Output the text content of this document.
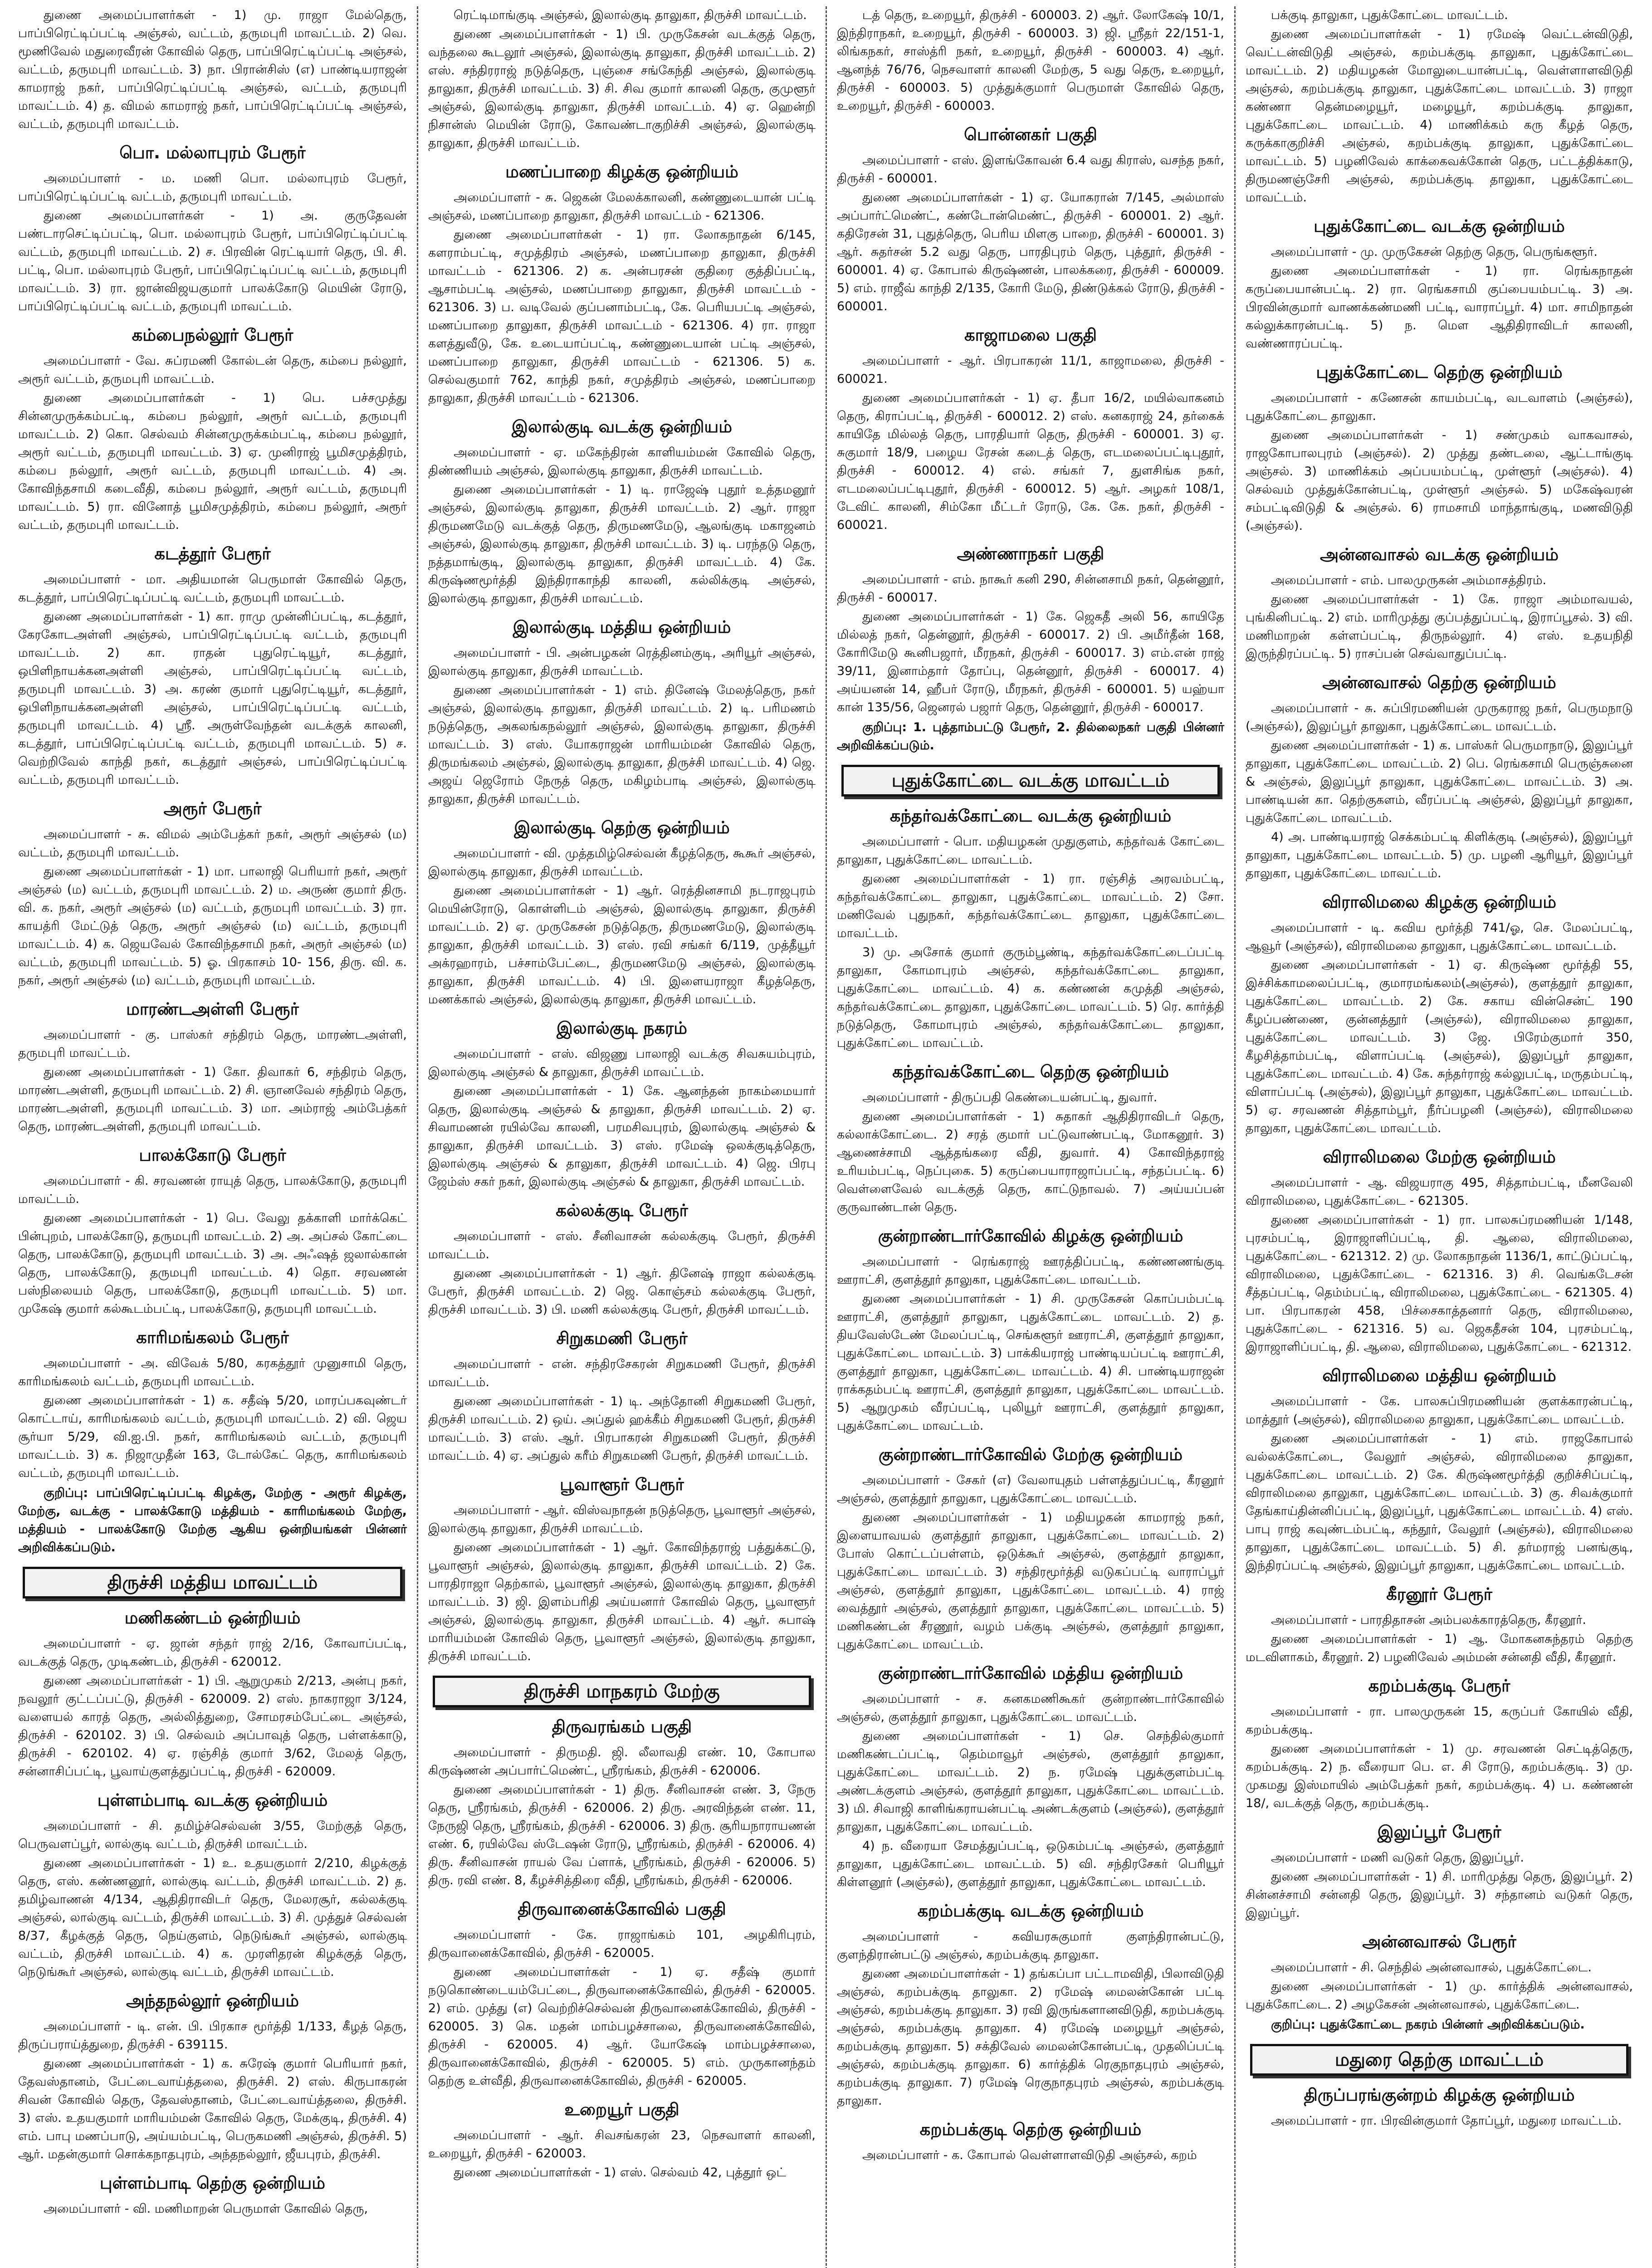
துணை அமைப்பாளர்கள் - 1) மு. ராஜா மேல்தெரு, பாப்பிரெட்டிப்பட்டி அஞ்சல், வட்டம், தருமபுரி மாவட்டம். 2) வெ. மூணிவேல் மதுரைவீரன் கோவில் தெரு, பாப்பிரெட்டிப்பட்டி அஞ்சல், வட்டம், தருமபுரி மாவட்டம். 3) நா. பிரான்சிஸ் (எ) பாண்டியராஜன் காமராஜ் நகர், பாப்பிரெட்டிப்பட்டி அஞ்சல், வட்டம், தருமபுரி மாவட்டம். 4) த. விமல் காமராஜ் நகர், பாப்பிரெட்டிப்பட்டி அஞ்சல், வட்டம், தருமபுரி மாவட்டம்.

பொ. மல்லாபுரம் பேரூர்

அமைப்பாளர் - ம. மணி பொ. மல்லாபுரம் பேரூர், பாப்பிரெட்டிப்பட்டி வட்டம், தருமபுரி மாவட்டம்.

துணை அமைப்பாளர்கள் - 1) அ. குருதேவன் பண்டாரசெட்டிப்பட்டி, பொ. மல்லாபுரம் பேரூர், பாப்பிரெட்டிப்பட்டி வட்டம், தருமபுரி மாவட்டம். 2) ச. பிரவின் ரெட்டியார் தெரு, பி. சி. பட்டி, பொ. மல்லாபுரம் பேரூர், பாப்பிரெட்டிப்பட்டி வட்டம், தருமபுரி மாவட்டம். 3) ரா. ஜான்விஜயகுமார் பாலக்கோடு மெயின் ரோடு, பாப்பிரெட்டிப்பட்டி வட்டம், தருமபுரி மாவட்டம்.

கம்பைநல்லூர் பேரூர்

அமைப்பாளர் - வே. சுப்ரமணி கோல்டன் தெரு, கம்பை நல்லூர், அரூர் வட்டம், தருமபுரி மாவட்டம்.

துணை அமைப்பாளர்கள் - 1) பெ. பச்சமுத்து சின்னமுருக்கம்பட்டி, கம்பை நல்லூர், அரூர் வட்டம், தருமபுரி மாவட்டம். 2) கொ. செல்வம் சின்னமுருக்கம்பட்டி, கம்பை நல்லூர், அரூர் வட்டம், தருமபுரி மாவட்டம். 3) ஏ. முனிராஜ் பூமிசமுத்திரம், கம்பை நல்லூர், அரூர் வட்டம், தருமபுரி மாவட்டம். 4) அ. கோவிந்தசாமி கடைவீதி, கம்பை நல்லூர், அரூர் வட்டம், தருமபுரி மாவட்டம். 5) ரா. வினோத் பூமிசமுத்திரம், கம்பை நல்லூர், அரூர் வட்டம், தருமபுரி மாவட்டம்.

கடத்தூர் பேரூர்

அமைப்பாளர் - மா. அதியமான் பெருமாள் கோவில் தெரு, கடத்தூர், பாப்பிரெட்டிப்பட்டி வட்டம், தருமபுரி மாவட்டம்.

துணை அமைப்பாளர்கள் - 1) கா. ராமு முன்னிப்பட்டி, கடத்தூர், கேரகோடஅள்ளி அஞ்சல், பாப்பிரெட்டிப்பட்டி வட்டம், தருமபுரி மாவட்டம். 2) கா. ராதன் புதுரெட்டியூர், கடத்தூர், ஒபிளிநாயக்கனஅள்ளி அஞ்சல், பாப்பிரெட்டிப்பட்டி வட்டம், தருமபுரி மாவட்டம். 3) அ. கரண் குமார் புதுரெட்டியூர், கடத்தூர், ஒபிளிநாயக்கனஅள்ளி அஞ்சல், பாப்பிரெட்டிப்பட்டி வட்டம், தருமபுரி மாவட்டம். 4) ஸ்ரீ. அருள்வேந்தன் வடக்குக் காலனி, கடத்தூர், பாப்பிரெட்டிப்பட்டி வட்டம், தருமபுரி மாவட்டம். 5) ச. வெற்றிவேல் காந்தி நகர், கடத்தூர் அஞ்சல், பாப்பிரெட்டிப்பட்டி வட்டம், தருமபுரி மாவட்டம்.

அரூர் பேரூர்

அமைப்பாளர் - சு. விமல் அம்பேத்கர் நகர், அரூர் அஞ்சல் (ம) வட்டம், தருமபுரி மாவட்டம்.

துணை அமைப்பாளர்கள் - 1) மா. பாலாஜி பெரியார் நகர், அரூர் அஞ்சல் (ம) வட்டம், தருமபுரி மாவட்டம். 2) ம. அருண் குமார் திரு. வி. க. நகர், அரூர் அஞ்சல் (ம) வட்டம், தருமபுரி மாவட்டம். 3) ரா. காயத்ரி மேட்டுத் தெரு, அரூர் அஞ்சல் (ம) வட்டம், தருமபுரி மாவட்டம். 4) க. ஜெயவேல் கோவிந்தசாமி நகர், அரூர் அஞ்சல் (ம) வட்டம், தருமபுரி மாவட்டம். 5) ஓ. பிரகாசம் 10- 156, திரு. வி. க. நகர், அரூர் அஞ்சல் (ம) வட்டம், தருமபுரி மாவட்டம்.

மாரண்டஅள்ளி பேரூர்

அமைப்பாளர் - கு. பாஸ்கர் சந்திரம் தெரு, மாரண்டஅள்ளி, தருமபுரி மாவட்டம்.

துணை அமைப்பாளர்கள் - 1) கோ. திவாகர் 6, சந்திரம் தெரு, மாரண்டஅள்ளி, தருமபுரி மாவட்டம். 2) சி. ஞானவேல் சந்திரம் தெரு, மாரண்டஅள்ளி, தருமபுரி மாவட்டம். 3) மா. அம்ராஜ் அம்பேத்கர் தெரு, மாரண்டஅள்ளி, தருமபுரி மாவட்டம்.

பாலக்கோடு பேரூர்

அமைப்பாளர் - கி. சரவணன் ராயுத் தெரு, பாலக்கோடு, தருமபுரி மாவட்டம்.

துணை அமைப்பாளர்கள் - 1) பெ. வேலு தக்காளி மார்க்கெட் பின்புறம், பாலக்கோடு, தருமபுரி மாவட்டம். 2) அ. அப்சல் கோட்டை தெரு, பாலக்கோடு, தருமபுரி மாவட்டம். 3) அ. அஃஷத் ஜலால்கான் தெரு, பாலக்கோடு, தருமபுரி மாவட்டம். 4) தொ. சரவணன் பஸ்நிலையம் தெரு, பாலக்கோடு, தருமபுரி மாவட்டம். 5) மா. முகேஷ் குமார் கல்கூடம்பட்டி, பாலக்கோடு, தருமபுரி மாவட்டம்.

காரிமங்கலம் பேரூர்

அமைப்பாளர் - அ. விவேக் 5/80, கரகத்தூர் முனுசாமி தெரு, காரிமங்கலம் வட்டம், தருமபுரி மாவட்டம்.

துணை அமைப்பாளர்கள் - 1) க. சதீஷ் 5/20, மாரப்பகவுண்டர் கொட்டாய், காரிமங்கலம் வட்டம், தருமபுரி மாவட்டம். 2) வி. ஜெய சூர்யா 5/29, வி.ஐ.பி. நகர், காரிமங்கலம் வட்டம், தருமபுரி மாவட்டம். 3) க. நிஜாமுதீன் 163, டோல்கேட் தெரு, காரிமங்கலம் வட்டம், தருமபுரி மாவட்டம்.

குறிப்பு: பாப்பிரெட்டிப்பட்டி கிழக்கு, மேற்கு - அரூர் கிழக்கு, மேற்கு, வடக்கு - பாலக்கோடு மத்தியம் - காரிமங்கலம் மேற்கு, மத்தியம் - பாலக்கோடு மேற்கு ஆகிய ஒன்றியங்கள் பின்னர் அறிவிக்கப்படும்.

திருச்சி மத்திய மாவட்டம்
மணிகண்டம் ஒன்றியம்

அமைப்பாளர் - ஏ. ஜான் சந்தர் ராஜ் 2/16, கோவாப்பட்டி, வடக்குத் தெரு, முடிகண்டம், திருச்சி - 620012.

துணை அமைப்பாளர்கள் - 1) பி. ஆறுமுகம் 2/213, அன்பு நகர், நவலூர் குட்டப்பட்டு, திருச்சி - 620009. 2) எஸ். நாகராஜா 3/124, வளையல் காரத் தெரு, அல்லித்துறை, சோமரசம்பேட்டை அஞ்சல், திருச்சி - 620102. 3) பி. செல்வம் அப்பாவுத் தெரு, பள்ளக்காடு, திருச்சி - 620102. 4) ஏ. ரஞ்சித் குமார் 3/62, மேலத் தெரு, சன்னாசிப்பட்டி, பூவாய்குளத்துப்பட்டி, திருச்சி - 620009.

புள்ளம்பாடி வடக்கு ஒன்றியம்

அமைப்பாளர் - சி. தமிழ்ச்செல்வன் 3/55, மேற்குத் தெரு, பெருவளப்பூர், லால்குடி வட்டம், திருச்சி மாவட்டம்.

துணை அமைப்பாளர்கள் - 1) உ. உதயகுமார் 2/210, கிழக்குத் தெரு, எஸ். கண்ணனூர், லால்குடி வட்டம், திருச்சி மாவட்டம். 2) த. தமிழ்வாணன் 4/134, ஆதிதிராவிடர் தெரு, மேலரசூர், கல்லக்குடி அஞ்சல், லால்குடி வட்டம், திருச்சி மாவட்டம். 3) சி. முத்துச் செல்வன் 8/37, கீழக்குத் தெரு, நெய்குளம், நெடுங்கூர் அஞ்சல், லால்குடி வட்டம், திருச்சி மாவட்டம். 4) க. முரளிதரன் கிழக்குத் தெரு, நெடுங்கூர் அஞ்சல், லால்குடி வட்டம், திருச்சி மாவட்டம்.

அந்தநல்லூர் ஒன்றியம்

அமைப்பாளர் - டி. என். பி. பிரகாச மூர்த்தி 1/133, கீழத் தெரு, திருப்பராய்த்துறை, திருச்சி - 639115.

துணை அமைப்பாளர்கள் - 1) க. சுரேஷ் குமார் பெரியார் நகர், தேவஸ்தானம், பேட்டைவாய்த்தலை, திருச்சி. 2) எஸ். கிருபாகரன் சிவன் கோவில் தெரு, தேவஸ்தானம், பேட்டைவாய்த்தலை, திருச்சி. 3) எஸ். உதயகுமார் மாரியம்மன் கோவில் தெரு, மேக்குடி, திருச்சி. 4) எம். பாபு மணப்பாடு, அய்யம்பட்டி, பெருகமணி அஞ்சல், திருச்சி. 5) ஆர். மதன்குமார் சொக்கநாதபுரம், அந்தநல்லூர், ஜீயபுரம், திருச்சி.

புள்ளம்பாடி தெற்கு ஒன்றியம்

அமைப்பாளர் - வி. மணிமாறன் பெருமாள் கோவில் தெரு,

ரெட்டிமாங்குடி அஞ்சல், இலால்குடி தாலுகா, திருச்சி மாவட்டம்.

துணை அமைப்பாளர்கள் - 1) பி. முருகேசன் வடக்குத் தெரு, வந்தலை கூடலூர் அஞ்சல், இலால்குடி தாலுகா, திருச்சி மாவட்டம். 2) எஸ். சந்திரராஜ் நடுத்தெரு, புஞ்சை சங்கேந்தி அஞ்சல், இலால்குடி தாலுகா, திருச்சி மாவட்டம். 3) சி. சிவ குமார் காலனி தெரு, குமுளூர் அஞ்சல், இலால்குடி தாலுகா, திருச்சி மாவட்டம். 4) ஏ. ஹென்றி நிசான்ஸ் மெயின் ரோடு, கோவண்டாகுறிச்சி அஞ்சல், இலால்குடி தாலுகா, திருச்சி மாவட்டம்.

மணப்பாறை கிழக்கு ஒன்றியம்

அமைப்பாளர் - சு. ஜெகன் மேலக்காலனி, கண்ணுடையான் பட்டி அஞ்சல், மணப்பாறை தாலுகா, திருச்சி மாவட்டம் - 621306.

துணை அமைப்பாளர்கள் - 1) ரா. லோகநாதன் 6/145, களராம்பட்டி, சமுத்திரம் அஞ்சல், மணப்பாறை தாலுகா, திருச்சி மாவட்டம் - 621306. 2) க. அன்பரசன் குதிரை குத்திப்பட்டி, ஆசாம்பட்டி அஞ்சல், மணப்பாறை தாலுகா, திருச்சி மாவட்டம் - 621306. 3) ப. வடிவேல் குப்பனாம்பட்டி, கே. பெரியபட்டி அஞ்சல், மணப்பாறை தாலுகா, திருச்சி மாவட்டம் - 621306. 4) ரா. ராஜா களத்துவீடு, கே. உடையாப்பட்டி, கண்ணுடையான் பட்டி அஞ்சல், மணப்பாறை தாலுகா, திருச்சி மாவட்டம் - 621306. 5) க. செல்வகுமார் 762, காந்தி நகர், சமுத்திரம் அஞ்சல், மணப்பாறை தாலுகா, திருச்சி மாவட்டம் - 621306.

இலால்குடி வடக்கு ஒன்றியம்

அமைப்பாளர் - ஏ. மகேந்திரன் காளியம்மன் கோவில் தெரு, திண்ணியம் அஞ்சல், இலால்குடி தாலுகா, திருச்சி மாவட்டம்.

துணை அமைப்பாளர்கள் - 1) டி. ராஜேஷ் புதூர் உத்தமனூர் அஞ்சல், இலால்குடி தாலுகா, திருச்சி மாவட்டம். 2) ஆர். ராஜா திருமணமேடு வடக்குத் தெரு, திருமணமேடு, ஆலங்குடி மகாஜனம் அஞ்சல், இலால்குடி தாலுகா, திருச்சி மாவட்டம். 3) டி. பரந்தடு தெரு, நத்தமாங்குடி, இலால்குடி தாலுகா, திருச்சி மாவட்டம். 4) கே. கிருஷ்ணமூர்த்தி இந்திராகாந்தி காலனி, கல்லிக்குடி அஞ்சல், இலால்குடி தாலுகா, திருச்சி மாவட்டம்.

இலால்குடி மத்திய ஒன்றியம்

அமைப்பாளர் - பி. அன்பழகன் ரெத்தினம்குடி, அரியூர் அஞ்சல், இலால்குடி தாலுகா, திருச்சி மாவட்டம்.

துணை அமைப்பாளர்கள் - 1) எம். தினேஷ் மேலத்தெரு, நகர் அஞ்சல், இலால்குடி தாலுகா, திருச்சி மாவட்டம். 2) டி. பரிமணம் நடுத்தெரு, அகலங்கநல்லூர் அஞ்சல், இலால்குடி தாலுகா, திருச்சி மாவட்டம். 3) எஸ். யோகராஜன் மாரியம்மன் கோவில் தெரு, திருமங்கலம் அஞ்சல், இலால்குடி தாலுகா, திருச்சி மாவட்டம். 4) ஜெ. அஜய் ஜெரோம் நேருத் தெரு, மகிழம்பாடி அஞ்சல், இலால்குடி தாலுகா, திருச்சி மாவட்டம்.

இலால்குடி தெற்கு ஒன்றியம்

அமைப்பாளர் - வி. முத்தமிழ்செல்வன் கீழத்தெரு, கூகூர் அஞ்சல், இலால்குடி தாலுகா, திருச்சி மாவட்டம்.

துணை அமைப்பாளர்கள் - 1) ஆர். ரெத்தினசாமி நடராஜபுரம் மெயின்ரோடு, கொள்ளிடம் அஞ்சல், இலால்குடி தாலுகா, திருச்சி மாவட்டம். 2) ஏ. முருகேசன் நடுத்தெரு, திருமணமேடு, இலால்குடி தாலுகா, திருச்சி மாவட்டம். 3) எஸ். ரவி சங்கர் 6/119, முத்தீயூர் அக்ரஹாரம், பச்சாம்பேட்டை, திருமணமேடு அஞ்சல், இலால்குடி தாலுகா, திருச்சி மாவட்டம். 4) பி. இளையராஜா கீழத்தெரு, மணக்கால் அஞ்சல், இலால்குடி தாலுகா, திருச்சி மாவட்டம்.

இலால்குடி நகரம்

அமைப்பாளர் - எஸ். விஜணு பாலாஜி வடக்கு சிவசுயம்புரம், இலால்குடி அஞ்சல் & தாலுகா, திருச்சி மாவட்டம்.

துணை அமைப்பாளர்கள் - 1) கே. ஆனந்தன் நாகம்மையார் தெரு, இலால்குடி அஞ்சல் & தாலுகா, திருச்சி மாவட்டம். 2) ஏ. சிவாமணன் ரயில்வே காலனி, பரமசிவபுரம், இலால்குடி அஞ்சல் & தாலுகா, திருச்சி மாவட்டம். 3) எஸ். ரமேஷ் ஒலக்குடித்தெரு, இலால்குடி அஞ்சல் & தாலுகா, திருச்சி மாவட்டம். 4) ஜெ. பிரபு ஜேம்ஸ் சகர் நகர், இலால்குடி அஞ்சல் & தாலுகா, திருச்சி மாவட்டம்.

கல்லக்குடி பேரூர்

அமைப்பாளர் - எஸ். சீனிவாசன் கல்லக்குடி பேரூர், திருச்சி மாவட்டம்.

துணை அமைப்பாளர்கள் - 1) ஆர். தினேஷ் ராஜா கல்லக்குடி பேரூர், திருச்சி மாவட்டம். 2) ஜெ. கொஞ்சம் கல்லக்குடி பேரூர், திருச்சி மாவட்டம். 3) பி. மணி கல்லக்குடி பேரூர், திருச்சி மாவட்டம்.

சிறுகமணி பேரூர்

அமைப்பாளர் - என். சந்திரசேகரன் சிறுகமணி பேரூர், திருச்சி மாவட்டம்.

துணை அமைப்பாளர்கள் - 1) டி. அந்தோனி சிறுகமணி பேரூர், திருச்சி மாவட்டம். 2) ஒய். அப்துல் ஹக்கீம் சிறுகமணி பேரூர், திருச்சி மாவட்டம். 3) எஸ். ஆர். பிரபாகரன் சிறுகமணி பேரூர், திருச்சி மாவட்டம். 4) ஏ. அப்துல் கரீம் சிறுகமணி பேரூர், திருச்சி மாவட்டம்.

பூவாளூர் பேரூர்

அமைப்பாளர் - ஆர். விஸ்வநாதன் நடுத்தெரு, பூவாளூர் அஞ்சல், இலால்குடி தாலுகா, திருச்சி மாவட்டம்.

துணை அமைப்பாளர்கள் - 1) ஆர். கோவிந்தராஜ் பத்துக்கட்டு, பூவாளூர் அஞ்சல், இலால்குடி தாலுகா, திருச்சி மாவட்டம். 2) கே. பாரதிராஜா தெற்கால், பூவாளூர் அஞ்சல், இலால்குடி தாலுகா, திருச்சி மாவட்டம். 3) ஜி. இளம்பரிதி அய்யனார் கோவில் தெரு, பூவாளூர் அஞ்சல், இலால்குடி தாலுகா, திருச்சி மாவட்டம். 4) ஆர். சுபாஷ் மாரியம்மன் கோவில் தெரு, பூவாளூர் அஞ்சல், இலால்குடி தாலுகா, திருச்சி மாவட்டம்.

திருச்சி மாநகரம் மேற்கு
திருவரங்கம் பகுதி

அமைப்பாளர் - திருமதி. ஜி. லீலாவதி எண். 10, கோபால கிருஷ்ணன் அப்பார்ட்மெண்ட், ஸ்ரீரங்கம், திருச்சி - 620006.

துணை அமைப்பாளர்கள் - 1) திரு. சீனிவாசன் எண். 3, நேரு தெரு, ஸ்ரீரங்கம், திருச்சி - 620006. 2) திரு. அரவிந்தன் எண். 11, நேருஜி தெரு, ஸ்ரீரங்கம், திருச்சி - 620006. 3) திரு. சூரியநாராயணன் எண். 6, ரயில்வே ஸ்டேஷன் ரோடு, ஸ்ரீரங்கம், திருச்சி - 620006. 4) திரு. சீனிவாசன் ராயல் வே ப்ளாக், ஸ்ரீரங்கம், திருச்சி - 620006. 5) திரு. ரவி எண். 8, கீழச்சித்திரை வீதி, ஸ்ரீரங்கம், திருச்சி - 620006.

திருவானைக்கோவில் பகுதி

அமைப்பாளர் - கே. ராஜாங்கம் 101, அழகிரிபுரம், திருவானைக்கோவில், திருச்சி - 620005.

துணை அமைப்பாளர்கள் - 1) ஏ. சதீஷ் குமார் நடுகொண்டையம்பேட்டை, திருவானைக்கோவில், திருச்சி - 620005. 2) எம். முத்து (எ) வெற்றிச்செல்வன் திருவானைக்கோவில், திருச்சி - 620005. 3) கெ. மதன் மாம்பழச்சாலை, திருவானைக்கோவில், திருச்சி - 620005. 4) ஆர். யோகேஷ் மாம்பழச்சாலை, திருவானைக்கோவில், திருச்சி - 620005. 5) எம். முருகானந்தம் தெற்கு உள்வீதி, திருவானைக்கோவில், திருச்சி - 620005.

உறையூர் பகுதி

அமைப்பாளர் - ஆர். சிவசங்கரன் 23, நெசவாளர் காலனி, உறையூர், திருச்சி - 620003.

துணை அமைப்பாளர்கள் - 1) எஸ். செல்வம் 42, புத்தூர் ஒட்

டத் தெரு, உறையூர், திருச்சி - 600003. 2) ஆர். லோகேஷ் 10/1, இந்திராநகர், உறையூர், திருச்சி - 600003. 3) ஜி. ஸ்ரீதர் 22/151-1, லிங்கநகர், சாஸ்த்ரி நகர், உறையூர், திருச்சி - 600003. 4) ஆர். ஆனந்த் 76/76, நெசவாளர் காலனி மேற்கு, 5 வது தெரு, உறையூர், திருச்சி - 600003. 5) முத்துக்குமார் பெருமாள் கோவில் தெரு, உறையூர், திருச்சி - 600003.

பொன்னகர் பகுதி

அமைப்பாளர் - எஸ். இளங்கோவன் 6.4 வது கிராஸ், வசந்த நகர், திருச்சி - 600001.

துணை அமைப்பாளர்கள் - 1) ஏ. யோகரான் 7/145, அல்மாஸ் அப்பார்ட்மெண்ட், கண்டோன்மெண்ட், திருச்சி - 600001. 2) ஆர். கதிரேசன் 31, புதுத்தெரு, பெரிய மிளகு பாறை, திருச்சி - 600001. 3) ஆர். சுதர்சன் 5.2 வது தெரு, பாரதிபுரம் தெரு, புத்தூர், திருச்சி - 600001. 4) ஏ. கோபால் கிருஷ்ணன், பாலக்கரை, திருச்சி - 600009. 5) எம். ராஜீவ் காந்தி 2/135, கோரி மேடு, திண்டுக்கல் ரோடு, திருச்சி - 600001.

காஜாமலை பகுதி

அமைப்பாளர் - ஆர். பிரபாகரன் 11/1, காஜாமலை, திருச்சி - 600021.

துணை அமைப்பாளர்கள் - 1) ஏ. தீபா 16/2, மயில்வாகனம் தெரு, கிராப்பட்டி, திருச்சி - 600012. 2) எஸ். கனகராஜ் 24, தர்கைக் காயிதே மில்லத் தெரு, பாரதியார் தெரு, திருச்சி - 600001. 3) ஏ. சுகுமார் 18/9, பழைய ரேசன் கடைத் தெரு, எடமலைப்பட்டிபுதூர், திருச்சி - 600012. 4) எல். சங்கர் 7, துளசிங்க நகர், எடமலைப்பட்டிபுதூர், திருச்சி - 600012. 5) ஆர். அழகர் 108/1, டேவிட் காலனி, சிம்கோ மீட்டர் ரோடு, கே. கே. நகர், திருச்சி - 600021.

அண்ணாநகர் பகுதி

அமைப்பாளர் - எம். நாகூர் கனி 290, சின்னசாமி நகர், தென்னூர், திருச்சி - 600017.

துணை அமைப்பாளர்கள் - 1) கே. ஜெகதீ அலி 56, காயிதே மில்லத் நகர், தென்னூர், திருச்சி - 600017. 2) பி. அமீர்தீன் 168, கோரிமேடு கூனிபஜார், மீரநகர், திருச்சி - 600017. 3) எம்.என் ராஜ் 39/11, இனாம்தார் தோப்பு, தென்னூர், திருச்சி - 600017. 4) அய்யனன் 14, ஹீபர் ரோடு, மீரநகர், திருச்சி - 600001. 5) யஹ்யா கான் 135/56, ஜெனரல் பஜார் தெரு, தென்னூர், திருச்சி - 600017.

குறிப்பு: 1. புத்தாம்பட்டு பேரூர், 2. தில்லைநகர் பகுதி பின்னர் அறிவிக்கப்படும்.

புதுக்கோட்டை வடக்கு மாவட்டம்
கந்தர்வக்கோட்டை வடக்கு ஒன்றியம்

அமைப்பாளர் - பொ. மதியழகன் முதுகுளம், கந்தர்வக் கோட்டை தாலுகா, புதுக்கோட்டை மாவட்டம்.

துணை அமைப்பாளர்கள் - 1) ரா. ரஞ்சித் அரவம்பட்டி, கந்தர்வக்கோட்டை தாலுகா, புதுக்கோட்டை மாவட்டம். 2) சோ. மணிவேல் புதுநகர், கந்தர்வக்கோட்டை தாலுகா, புதுக்கோட்டை மாவட்டம்.

3) மு. அசோக் குமார் குரும்பூண்டி, கந்தர்வக்கோட்டைப்பட்டி தாலுகா, கோமாபுரம் அஞ்சல், கந்தர்வக்கோட்டை தாலுகா, புதுக்கோட்டை மாவட்டம். 4) க. கண்ணன் கமுத்தி அஞ்சல், கந்தர்வக்கோட்டை தாலுகா, புதுக்கோட்டை மாவட்டம். 5) ரெ. கார்த்தி நடுத்தெரு, கோமாபுரம் அஞ்சல், கந்தர்வக்கோட்டை தாலுகா, புதுக்கோட்டை மாவட்டம்.

கந்தர்வக்கோட்டை தெற்கு ஒன்றியம்

அமைப்பாளர் - திருப்பதி கெண்டையன்பட்டி, துவார்.

துணை அமைப்பாளர்கள் - 1) சுதாகர் ஆதிதிராவிடர் தெரு, கல்லாக்கோட்டை. 2) சரத் குமார் பட்டுவாண்பட்டி, மோகனூர். 3) ஆணைச்சாமி ஆத்தங்கரை வீதி, துவார். 4) கோவிந்தராஜ் உரியம்பட்டி, நெப்புகை. 5) கருப்பையாராஜாப்பட்டி, சந்தப்பட்டி. 6) வெள்ளைவேல் வடக்குத் தெரு, காட்டுநாவல். 7) அய்யப்பன் குருவாண்டான் தெரு.

குன்றாண்டார்கோவில் கிழக்கு ஒன்றியம்

அமைப்பாளர் - ரெங்கராஜ் ஊரத்திப்பட்டி, கண்ணணங்குடி ஊராட்சி, குளத்தூர் தாலுகா, புதுக்கோட்டை மாவட்டம்.

துணை அமைப்பாளர்கள் - 1) சி. முருகேசன் கொப்பம்பட்டி ஊராட்சி, குளத்தூர் தாலுகா, புதுக்கோட்டை மாவட்டம். 2) த. தியவேஸ்டேண் மேலப்பட்டி, செங்களூர் ஊராட்சி, குளத்தூர் தாலுகா, புதுக்கோட்டை மாவட்டம். 3) பாக்கியராஜ் பாண்டியப்பட்டி ஊராட்சி, குளத்தூர் தாலுகா, புதுக்கோட்டை மாவட்டம். 4) சி. பாண்டியராஜன் ராக்கதம்பட்டி ஊராட்சி, குளத்தூர் தாலுகா, புதுக்கோட்டை மாவட்டம். 5) ஆறுமுகம் வீரப்பட்டி, புலியூர் ஊராட்சி, குளத்தூர் தாலுகா, புதுக்கோட்டை மாவட்டம்.

குன்றாண்டார்கோவில் மேற்கு ஒன்றியம்

அமைப்பாளர் - சேகர் (எ) வேலாயுதம் பள்ளத்துப்பட்டி, கீரனூர் அஞ்சல், குளத்தூர் தாலுகா, புதுக்கோட்டை மாவட்டம்.

துணை அமைப்பாளர்கள் - 1) மதியழகன் காமராஜ் நகர், இளையாவயல் குளத்தூர் தாலுகா, புதுக்கோட்டை மாவட்டம். 2) போஸ் கொட்டப்பள்ளம், ஒடுக்கூர் அஞ்சல், குளத்தூர் தாலுகா, புதுக்கோட்டை மாவட்டம். 3) சந்திரமூர்த்தி வடுகப்பட்டி வாராப்பூர் அஞ்சல், குளத்தூர் தாலுகா, புதுக்கோட்டை மாவட்டம். 4) ராஜ் வைத்தூர் அஞ்சல், குளத்தூர் தாலுகா, புதுக்கோட்டை மாவட்டம். 5) மணிகண்டன் சீரணூர், வழம் பக்குடி அஞ்சல், குளத்தூர் தாலுகா, புதுக்கோட்டை மாவட்டம்.

குன்றாண்டார்கோவில் மத்திய ஒன்றியம்

அமைப்பாளர் - ச. கனகமணிகூகர் குன்றாண்டார்கோவில் அஞ்சல், குளத்தூர் தாலுகா, புதுக்கோட்டை மாவட்டம்.

துணை அமைப்பாளர்கள் - 1) செ. செந்தில்குமார் மணிகண்டப்பட்டி, தெம்மாவூர் அஞ்சல், குளத்தூர் தாலுகா, புதுக்கோட்டை மாவட்டம். 2) ந. ரமேஷ் புதுக்குளம்பட்டி அண்டக்குளம் அஞ்சல், குளத்தூர் தாலுகா, புதுக்கோட்டை மாவட்டம். 3) மி. சிவாஜி காளிங்கராயன்பட்டி அண்டக்குளம் (அஞ்சல்), குளத்தூர் தாலுகா, புதுக்கோட்டை மாவட்டம்.

4) ந. வீரையா சேமத்துப்பட்டி, ஒடுகம்பட்டி அஞ்சல், குளத்தூர் தாலுகா, புதுக்கோட்டை மாவட்டம். 5) வி. சந்திரசேகர் பெரியூர் கிள்ளனூர் (அஞ்சல்), குளத்தூர் தாலுகா, புதுக்கோட்டை மாவட்டம்.

கறம்பக்குடி வடக்கு ஒன்றியம்

அமைப்பாளர் - கவியரசுகுமார் குளந்திரான்பட்டு, குளந்திரான்பட்டு அஞ்சல், கறம்பக்குடி தாலுகா.

துணை அமைப்பாளர்கள் - 1) தங்கப்பா பட்டாமவிதி, பிலாவிடுதி அஞ்சல், கறம்பக்குடி தாலுகா. 2) ரமேஷ் மைலன்கோன் பட்டி அஞ்சல், கறம்பக்குடி தாலுகா. 3) ரவி இருங்களானவிடுதி, கறம்பக்குடி அஞ்சல், கறம்பக்குடி தாலுகா. 4) ரமேஷ் மழையூர் அஞ்சல், கறம்பக்குடி தாலுகா. 5) சக்திவேல் மைலன்கோன்பட்டி, முதலிப்பட்டி அஞ்சல், கறம்பக்குடி தாலுகா. 6) கார்த்திக் ரெகுநாதபுரம் அஞ்சல், கறம்பக்குடி தாலுகா. 7) ரமேஷ் ரெகுநாதபுரம் அஞ்சல், கறம்பக்குடி தாலுகா.

கறம்பக்குடி தெற்கு ஒன்றியம்

அமைப்பாளர் - க. கோபால் வெள்ளாளவிடுதி அஞ்சல், கறம்

பக்குடி தாலுகா, புதுக்கோட்டை மாவட்டம்.

துணை அமைப்பாளர்கள் - 1) ரமேஷ் வெட்டன்விடுதி, வெட்டன்விடுதி அஞ்சல், கறம்பக்குடி தாலுகா, புதுக்கோட்டை மாவட்டம். 2) மதியழகன் மோலுடையான்பட்டி, வெள்ளாளவிடுதி அஞ்சல், கறம்பக்குடி தாலுகா, புதுக்கோட்டை மாவட்டம். 3) ராஜா கண்ணா தென்மழையூர், மழையூர், கறம்பக்குடி தாலுகா, புதுக்கோட்டை மாவட்டம். 4) மாணிக்கம் கரு கீழத் தெரு, கருக்காகுறிச்சி அஞ்சல், கறம்பக்குடி தாலுகா, புதுக்கோட்டை மாவட்டம். 5) பழனிவேல் காக்கைவக்கோன் தெரு, பட்டத்திக்காடு, திருமணஞ்சேரி அஞ்சல், கறம்பக்குடி தாலுகா, புதுக்கோட்டை மாவட்டம்.

புதுக்கோட்டை வடக்கு ஒன்றியம்

அமைப்பாளர் - மு. முருகேசன் தெற்கு தெரு, பெருங்களூர்.

துணை அமைப்பாளர்கள் - 1) ரா. ரெங்கநாதன் கருப்பையான்பட்டி. 2) ரா. ரெங்கசாமி குப்பையம்பட்டி. 3) அ. பிரவின்குமார் வாணக்கண்மணி பட்டி, வாராப்பூர். 4) மா. சாமிநாதன் கல்லுக்காரன்பட்டி. 5) ந. மௌ ஆதிதிராவிடர் காலனி, வண்ணாரப்பட்டி.

புதுக்கோட்டை தெற்கு ஒன்றியம்

அமைப்பாளர் - கணேசன் காயம்பட்டி, வடவாளம் (அஞ்சல்), புதுக்கோட்டை தாலுகா.

துணை அமைப்பாளர்கள் - 1) சண்முகம் வாகவாசல், ராஜகோபாலபுரம் (அஞ்சல்). 2) முத்து தண்டலை, ஆட்டாங்குடி அஞ்சல். 3) மாணிக்கம் அப்பயம்பட்டி, முள்ளூர் (அஞ்சல்). 4) செல்வம் முத்துக்கோன்பட்டி, முள்ளூர் அஞ்சல். 5) மகேஷ்வரன் சம்பட்டிவிடுதி & அஞ்சல். 6) ராமசாமி மாந்தாங்குடி, மணவிடுதி (அஞ்சல்).

அன்னவாசல் வடக்கு ஒன்றியம்

அமைப்பாளர் - எம். பாலமுருகன் அம்மாசத்திரம்.

துணை அமைப்பாளர்கள் - 1) கே. ராஜா அம்மாவயல், புங்கினிபட்டி. 2) எம். மாரிமுத்து குப்பத்துப்பட்டி, இராப்பூசல். 3) வி. மணிமாறன் கள்ளப்பட்டி, திருநல்லூர். 4) எஸ். உதயநிதி இருந்திரப்பட்டி. 5) ராசப்பன் செவ்வாதுப்பட்டி.

அன்னவாசல் தெற்கு ஒன்றியம்

அமைப்பாளர் - சு. சுப்பிரமணியன் முருகராஜ நகர், பெருமநாடு (அஞ்சல்), இலுப்பூர் தாலுகா, புதுக்கோட்டை மாவட்டம்.

துணை அமைப்பாளர்கள் - 1) க. பாஸ்கர் பெருமாநாடு, இலுப்பூர் தாலுகா, புதுக்கோட்டை மாவட்டம். 2) பெ. ரெங்கசாமி பெருஞ்சுனை & அஞ்சல், இலுப்பூர் தாலுகா, புதுக்கோட்டை மாவட்டம். 3) அ. பாண்டியன் கா. தெற்குகளம், வீரப்பட்டி அஞ்சல், இலுப்பூர் தாலுகா, புதுக்கோட்டை மாவட்டம்.

4) அ. பாண்டியராஜ் செக்கம்பட்டி கிளிக்குடி (அஞ்சல்), இலுப்பூர் தாலுகா, புதுக்கோட்டை மாவட்டம். 5) மு. பழனி ஆரியூர், இலுப்பூர் தாலுகா, புதுக்கோட்டை மாவட்டம்.

விராலிமலை கிழக்கு ஒன்றியம்

அமைப்பாளர் - டி. கவிய மூர்த்தி 741/ஓ, செ. மேலப்பட்டி, ஆவூர் (அஞ்சல்), விராலிமலை தாலுகா, புதுக்கோட்டை மாவட்டம்.

துணை அமைப்பாளர்கள் - 1) ஏ. கிருஷ்ண மூர்த்தி 55, இச்சிக்காமலைப்பட்டி, குமாரமங்கலம்(அஞ்சல்), குளத்தூர் தாலுகா, புதுக்கோட்டை மாவட்டம். 2) கே. சகாய வின்சென்ட் 190 கீழப்பண்ணை, குன்னத்தூர் (அஞ்சல்), விராலிமலை தாலுகா, புதுக்கோட்டை மாவட்டம். 3) ஜே. பிரேம்குமார் 350, கீழசித்தாம்பட்டி, விளாப்பட்டி (அஞ்சல்), இலுப்பூர் தாலுகா, புதுக்கோட்டை மாவட்டம். 4) கே. சுந்தர்ராஜ் கல்லுபட்டி, மருதம்பட்டி, விளாப்பட்டி (அஞ்சல்), இலுப்பூர் தாலுகா, புதுக்கோட்டை மாவட்டம். 5) ஏ. சரவணன் சித்தாம்பூர், நீர்ப்பழனி (அஞ்சல்), விராலிமலை தாலுகா, புதுக்கோட்டை மாவட்டம்.

விராலிமலை மேற்கு ஒன்றியம்

அமைப்பாளர் - ஆ. விஜயராகு 495, சித்தாம்பட்டி, மீனவேலி விராலிமலை, புதுக்கோட்டை - 621305.

துணை அமைப்பாளர்கள் - 1) ரா. பாலசுப்ரமணியன் 1/148, புரசம்பட்டி, இராஜாளிப்பட்டி, தி. ஆலை, விராலிமலை, புதுக்கோட்டை - 621312. 2) மு. லோகநாதன் 1136/1, காட்டுப்பட்டி, விராலிமலை, புதுக்கோட்டை - 621316. 3) சி. வெங்கடேசன் சீத்தப்பட்டி, தெம்ம்பட்டி, விராலிமலை, புதுக்கோட்டை - 621305. 4) பா. பிரபாகரன் 458, பிச்சைகாத்தனார் தெரு, விராலிமலை, புதுக்கோட்டை - 621316. 5) வ. ஜெகதீசன் 104, புரசம்பட்டி, இராஜாளிப்பட்டி, தி. ஆலை, விராலிமலை, புதுக்கோட்டை - 621312.

விராலிமலை மத்திய ஒன்றியம்

அமைப்பாளர் - கே. பாலசுப்பிரமணியன் குளக்காரன்பட்டி, மாத்தூர் (அஞ்சல்), விராலிமலை தாலுகா, புதுக்கோட்டை மாவட்டம்.

துணை அமைப்பாளர்கள் - 1) எம். ராஜகோபால் வல்லக்கோட்டை, வேலூர் அஞ்சல், விராலிமலை தாலுகா, புதுக்கோட்டை மாவட்டம். 2) கே. கிருஷ்ணமூர்த்தி குறிச்சிப்பட்டி, விராலிமலை தாலுகா, புதுக்கோட்டை மாவட்டம். 3) கு. சிவக்குமார் தேங்காய்தின்னிப்பட்டி, இலுப்பூர், புதுக்கோட்டை மாவட்டம். 4) எஸ். பாபு ராஜ் கவுண்டம்பட்டி, கந்தூர், வேலூர் (அஞ்சல்), விராலிமலை தாலுகா, புதுக்கோட்டை மாவட்டம். 5) சி. தர்மராஜ் பனங்குடி, இந்திரப்பட்டி அஞ்சல், இலுப்பூர் தாலுகா, புதுக்கோட்டை மாவட்டம்.

கீரனூர் பேரூர்

அமைப்பாளர் - பாரதிதாசன் அம்பலக்காரத்தெரு, கீரனூர்.

துணை அமைப்பாளர்கள் - 1) ஆ. மோகனசுந்தரம் தெற்கு மடவிளாகம், கீரனூர். 2) பழனிவேல் அம்மன் சன்னதி வீதி, கீரனூர்.

கறம்பக்குடி பேரூர்

அமைப்பாளர் - ரா. பாலமுருகன் 15, கருப்பர் கோயில் வீதி, கறம்பக்குடி.

துணை அமைப்பாளர்கள் - 1) மு. சரவணன் செட்டித்தெரு, கறம்பக்குடி. 2) ந. வீரையா பெ. எ. சி ரோடு, கறம்பக்குடி. 3) மு. முகமது இஸ்மாயில் அம்பேத்கர் நகர், கறம்பக்குடி. 4) ப. கண்ணன் 18/, வடக்குத் தெரு, கறம்பக்குடி.

இலுப்பூர் பேரூர்

அமைப்பாளர் - மணி வடுகர் தெரு, இலுப்பூர்.

துணை அமைப்பாளர்கள் - 1) சி. மாரிமுத்து தெரு, இலுப்பூர். 2) சின்னச்சாமி சன்னதி தெரு, இலுப்பூர். 3) சந்தானம் வடுகர் தெரு, இலுப்பூர்.

அன்னவாசல் பேரூர்

அமைப்பாளர் - சி. செந்தில் அன்னவாசல், புதுக்கோட்டை.

துணை அமைப்பாளர்கள் - 1) மு. கார்த்திக் அன்னவாசல், புதுக்கோட்டை. 2) அழகேசன் அன்னவாசல், புதுக்கோட்டை.

குறிப்பு: புதுக்கோட்டை நகரம் பின்னர் அறிவிக்கப்படும்.

மதுரை தெற்கு மாவட்டம்
திருப்பரங்குன்றம் கிழக்கு ஒன்றியம்

அமைப்பாளர் - ரா. பிரவின்குமார் தோப்பூர், மதுரை மாவட்டம்.
